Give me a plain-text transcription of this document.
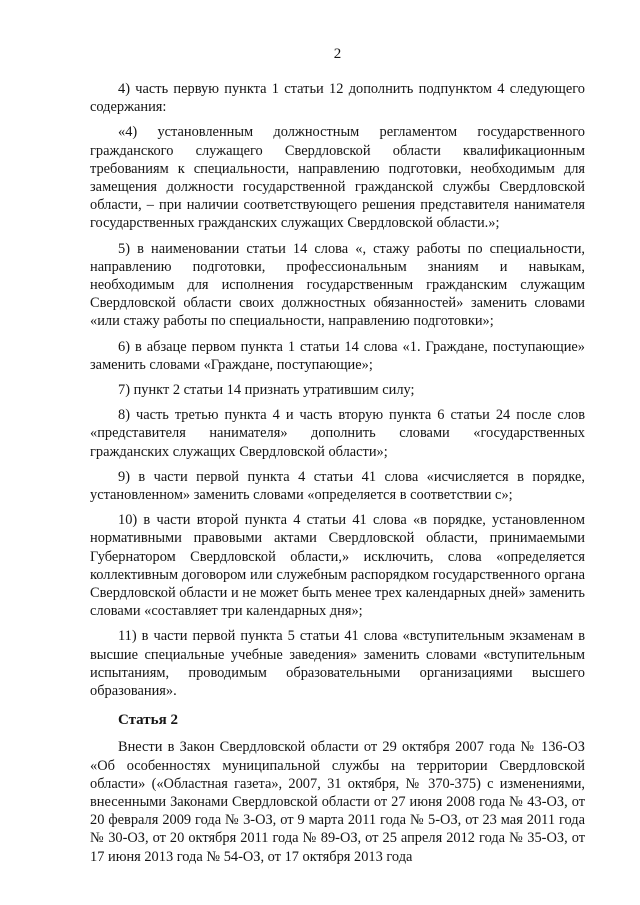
2

4) часть первую пункта 1 статьи 12 дополнить подпунктом 4 следующего содержания:

«4) установленным должностным регламентом государственного гражданского служащего Свердловской области квалификационным требованиям к специальности, направлению подготовки, необходимым для замещения должности государственной гражданской службы Свердловской области, – при наличии соответствующего решения представителя нанимателя государственных гражданских служащих Свердловской области.»;

5) в наименовании статьи 14 слова «, стажу работы по специальности, направлению подготовки, профессиональным знаниям и навыкам, необходимым для исполнения государственным гражданским служащим Свердловской области своих должностных обязанностей» заменить словами «или стажу работы по специальности, направлению подготовки»;

6) в абзаце первом пункта 1 статьи 14 слова «1. Граждане, поступающие» заменить словами «Граждане, поступающие»;

7) пункт 2 статьи 14 признать утратившим силу;

8) часть третью пункта 4 и часть вторую пункта 6 статьи 24 после слов «представителя нанимателя» дополнить словами «государственных гражданских служащих Свердловской области»;

9) в части первой пункта 4 статьи 41 слова «исчисляется в порядке, установленном» заменить словами «определяется в соответствии с»;

10) в части второй пункта 4 статьи 41 слова «в порядке, установленном нормативными правовыми актами Свердловской области, принимаемыми Губернатором Свердловской области,» исключить, слова «определяется коллективным договором или служебным распорядком государственного органа Свердловской области и не может быть менее трех календарных дней» заменить словами «составляет три календарных дня»;

11) в части первой пункта 5 статьи 41 слова «вступительным экзаменам в высшие специальные учебные заведения» заменить словами «вступительным испытаниям, проводимым образовательными организациями высшего образования».

Статья 2

Внести в Закон Свердловской области от 29 октября 2007 года № 136-ОЗ «Об особенностях муниципальной службы на территории Свердловской области» («Областная газета», 2007, 31 октября, № 370-375) с изменениями, внесенными Законами Свердловской области от 27 июня 2008 года № 43-ОЗ, от 20 февраля 2009 года № 3-ОЗ, от 9 марта 2011 года № 5-ОЗ, от 23 мая 2011 года № 30-ОЗ, от 20 октября 2011 года № 89-ОЗ, от 25 апреля 2012 года № 35-ОЗ, от 17 июня 2013 года № 54-ОЗ, от 17 октября 2013 года
